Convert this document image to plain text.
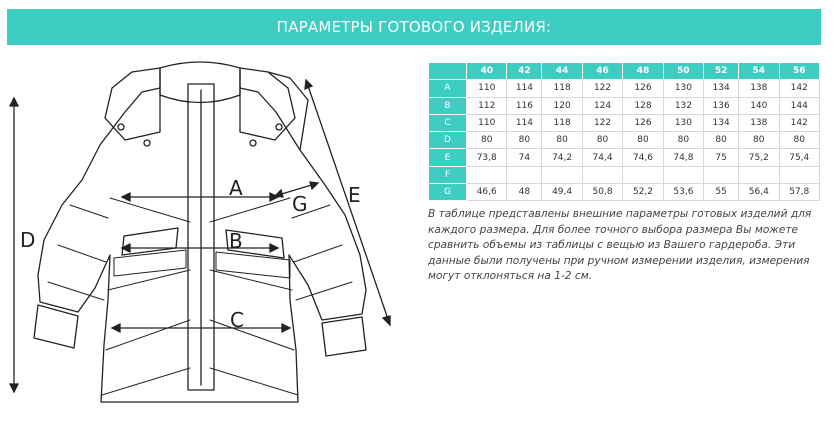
ПАРАМЕТРЫ ГОТОВОГО ИЗДЕЛИЯ:
A
B
C
D
E
G
	40	42	44	46	48	50	52	54	56
A	110	114	118	122	126	130	134	138	142
B	112	116	120	124	128	132	136	140	144
C	110	114	118	122	126	130	134	138	142
D	80	80	80	80	80	80	80	80	80
E	73,8	74	74,2	74,4	74,6	74,8	75	75,2	75,4
F									
G	46,6	48	49,4	50,8	52,2	53,6	55	56,4	57,8

В таблице представлены внешние параметры готовых изделий для каждого размера. Для более точного выбора размера Вы можете сравнить объемы из таблицы с вещью из Вашего гардероба. Эти данные были получены при ручном измерении изделия, измерения могут отклоняться на 1-2 см.
